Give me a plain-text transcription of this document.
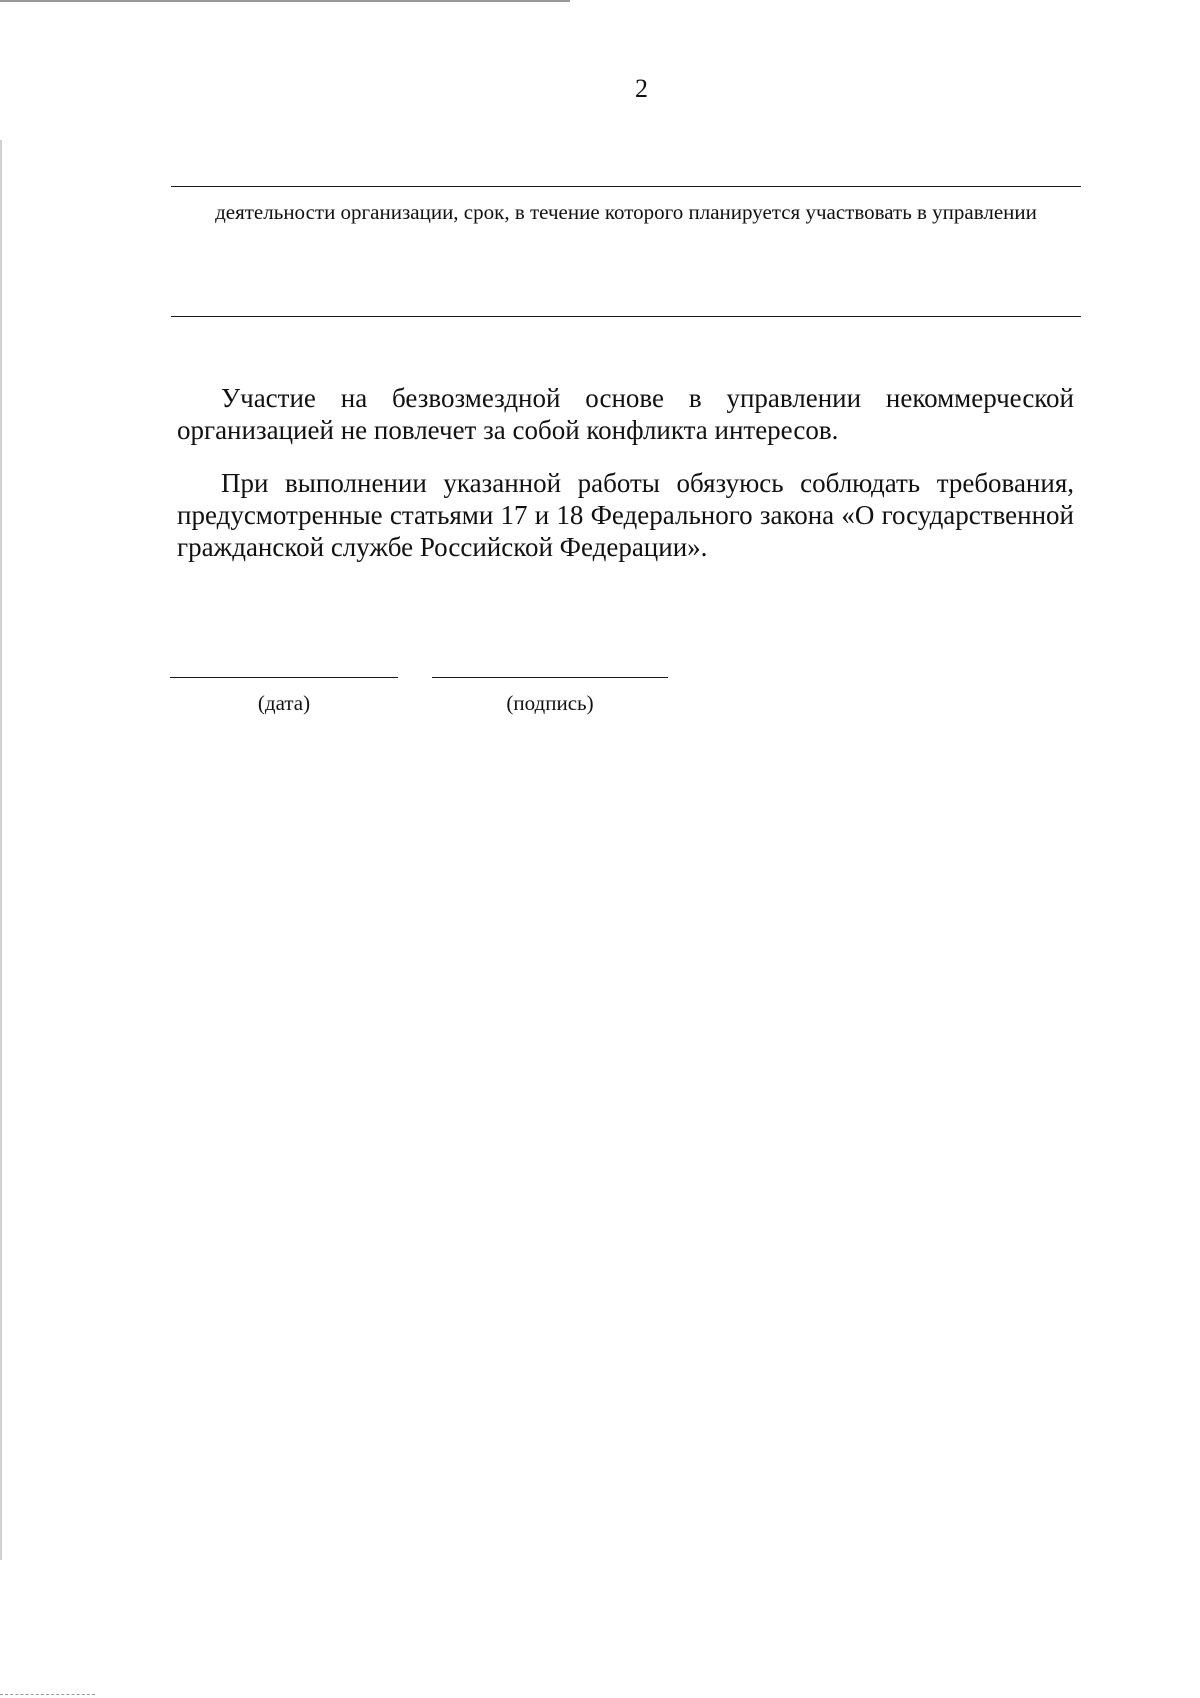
2
деятельности организации, срок, в течение которого планируется участвовать в управлении

Участие на безвозмездной основе в управлении некоммерческой организацией не повлечет за собой конфликта интересов.

При выполнении указанной работы обязуюсь соблюдать требования, предусмотренные статьями 17 и 18 Федерального закона «О государственной гражданской службе Российской Федерации».

(дата)	(подпись)
